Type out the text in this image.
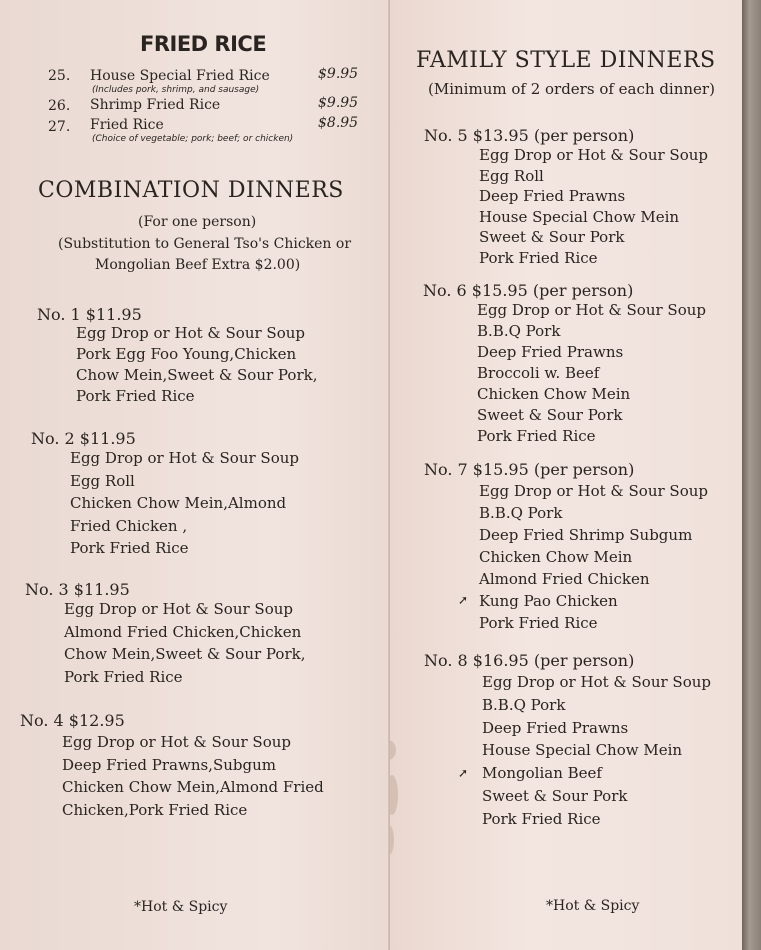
FRIED RICE
25. House Special Fried Rice	$9.95
(Includes pork, shrimp, and sausage)
26. Shrimp Fried Rice	$9.95
27. Fried Rice	$8.95
(Choice of vegetable; pork; beef; or chicken)
COMBINATION DINNERS
(For one person)
(Substitution to General Tso's Chicken or
Mongolian Beef Extra $2.00)
No. 1 $11.95
Egg Drop or Hot & Sour Soup
Pork Egg Foo Young,Chicken
Chow Mein,Sweet & Sour Pork,
Pork Fried Rice
No. 2 $11.95
Egg Drop or Hot & Sour Soup
Egg Roll
Chicken Chow Mein,Almond
Fried Chicken ,
Pork Fried Rice
No. 3 $11.95
Egg Drop or Hot & Sour Soup
Almond Fried Chicken,Chicken
Chow Mein,Sweet & Sour Pork,
Pork Fried Rice
No. 4 $12.95
Egg Drop or Hot & Sour Soup
Deep Fried Prawns,Subgum
Chicken Chow Mein,Almond Fried
Chicken,Pork Fried Rice
*Hot & Spicy
FAMILY STYLE DINNERS
(Minimum of 2 orders of each dinner)
No. 5 $13.95 (per person)
Egg Drop or Hot & Sour Soup
Egg Roll
Deep Fried Prawns
House Special Chow Mein
Sweet & Sour Pork
Pork Fried Rice
No. 6 $15.95 (per person)
Egg Drop or Hot & Sour Soup
B.B.Q Pork
Deep Fried Prawns
Broccoli w. Beef
Chicken Chow Mein
Sweet & Sour Pork
Pork Fried Rice
No. 7 $15.95 (per person)
Egg Drop or Hot & Sour Soup
B.B.Q Pork
Deep Fried Shrimp Subgum
Chicken Chow Mein
Almond Fried Chicken
Kung Pao Chicken
Pork Fried Rice
➚
No. 8 $16.95 (per person)
Egg Drop or Hot & Sour Soup
B.B.Q Pork
Deep Fried Prawns
House Special Chow Mein
Mongolian Beef
Sweet & Sour Pork
Pork Fried Rice
➚
*Hot & Spicy
